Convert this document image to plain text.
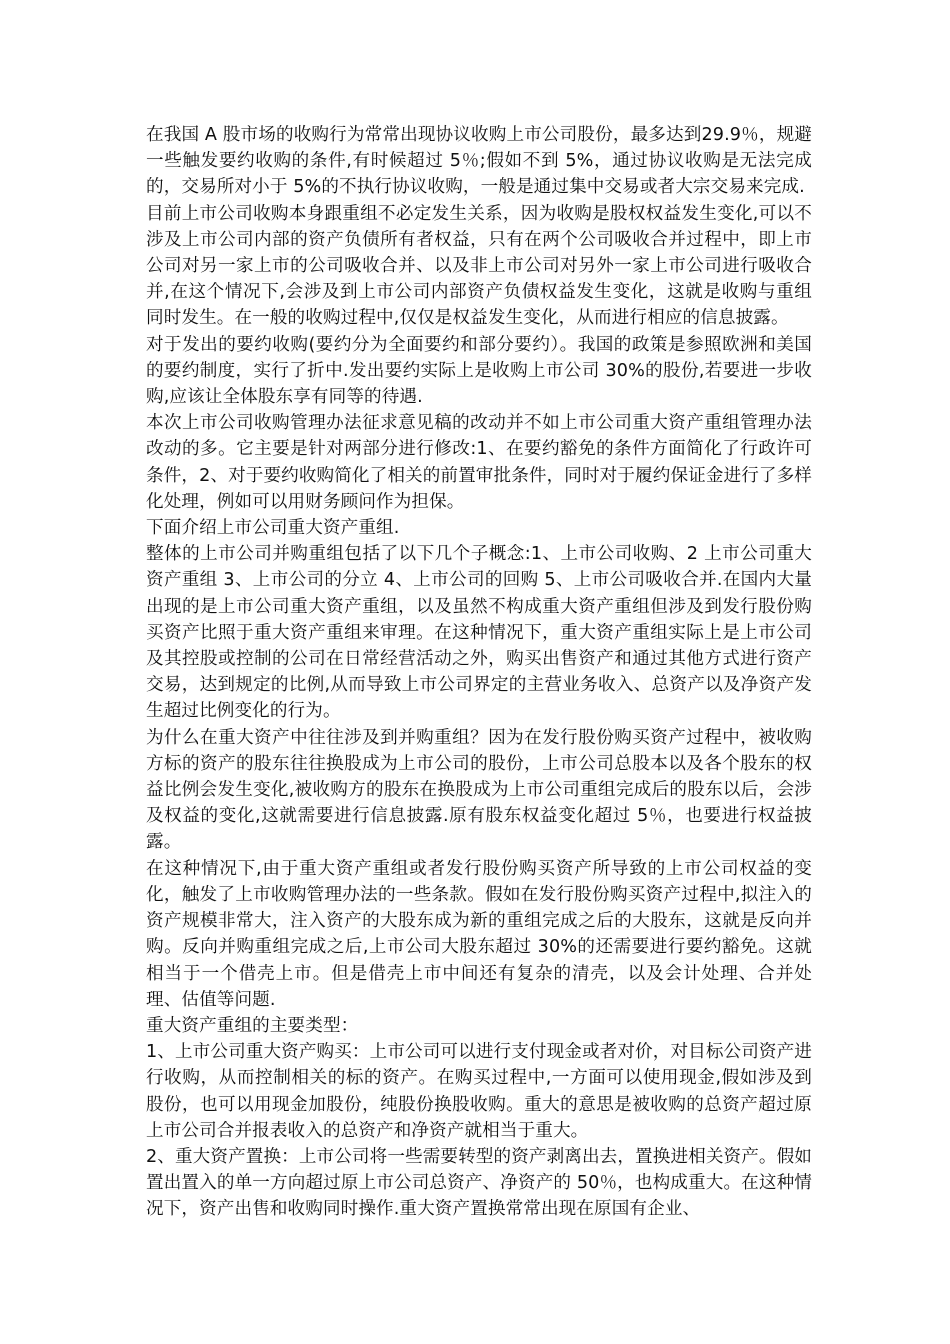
在我国 A 股市场的收购行为常常出现协议收购上市公司股份，最多达到29.9％，规避一些触发要约收购的条件,有时候超过 5％;假如不到 5%，通过协议收购是无法完成的，交易所对小于 5%的不执行协议收购，一般是通过集中交易或者大宗交易来完成.

目前上市公司收购本身跟重组不必定发生关系，因为收购是股权权益发生变化,可以不涉及上市公司内部的资产负债所有者权益，只有在两个公司吸收合并过程中，即上市公司对另一家上市的公司吸收合并、以及非上市公司对另外一家上市公司进行吸收合并,在这个情况下,会涉及到上市公司内部资产负债权益发生变化，这就是收购与重组同时发生。在一般的收购过程中,仅仅是权益发生变化，从而进行相应的信息披露。

对于发出的要约收购(要约分为全面要约和部分要约）。我国的政策是参照欧洲和美国的要约制度，实行了折中.发出要约实际上是收购上市公司 30%的股份,若要进一步收购,应该让全体股东享有同等的待遇.

本次上市公司收购管理办法征求意见稿的改动并不如上市公司重大资产重组管理办法改动的多。它主要是针对两部分进行修改:1、在要约豁免的条件方面简化了行政许可条件，2、对于要约收购简化了相关的前置审批条件，同时对于履约保证金进行了多样化处理，例如可以用财务顾问作为担保。

下面介绍上市公司重大资产重组.

整体的上市公司并购重组包括了以下几个子概念:1、上市公司收购、2 上市公司重大资产重组 3、上市公司的分立 4、上市公司的回购 5、上市公司吸收合并.在国内大量出现的是上市公司重大资产重组，以及虽然不构成重大资产重组但涉及到发行股份购买资产比照于重大资产重组来审理。在这种情况下，重大资产重组实际上是上市公司及其控股或控制的公司在日常经营活动之外，购买出售资产和通过其他方式进行资产交易，达到规定的比例,从而导致上市公司界定的主营业务收入、总资产以及净资产发生超过比例变化的行为。

为什么在重大资产中往往涉及到并购重组？因为在发行股份购买资产过程中，被收购方标的资产的股东往往换股成为上市公司的股份，上市公司总股本以及各个股东的权益比例会发生变化,被收购方的股东在换股成为上市公司重组完成后的股东以后，会涉及权益的变化,这就需要进行信息披露.原有股东权益变化超过 5％，也要进行权益披露。

在这种情况下,由于重大资产重组或者发行股份购买资产所导致的上市公司权益的变化，触发了上市收购管理办法的一些条款。假如在发行股份购买资产过程中,拟注入的资产规模非常大，注入资产的大股东成为新的重组完成之后的大股东，这就是反向并购。反向并购重组完成之后,上市公司大股东超过 30%的还需要进行要约豁免。这就相当于一个借壳上市。但是借壳上市中间还有复杂的清壳，以及会计处理、合并处理、估值等问题.

重大资产重组的主要类型：

1、上市公司重大资产购买：上市公司可以进行支付现金或者对价，对目标公司资产进行收购，从而控制相关的标的资产。在购买过程中,一方面可以使用现金,假如涉及到股份，也可以用现金加股份，纯股份换股收购。重大的意思是被收购的总资产超过原上市公司合并报表收入的总资产和净资产就相当于重大。

2、重大资产置换：上市公司将一些需要转型的资产剥离出去，置换进相关资产。假如置出置入的单一方向超过原上市公司总资产、净资产的 50％，也构成重大。在这种情况下，资产出售和收购同时操作.重大资产置换常常出现在原国有企业、
